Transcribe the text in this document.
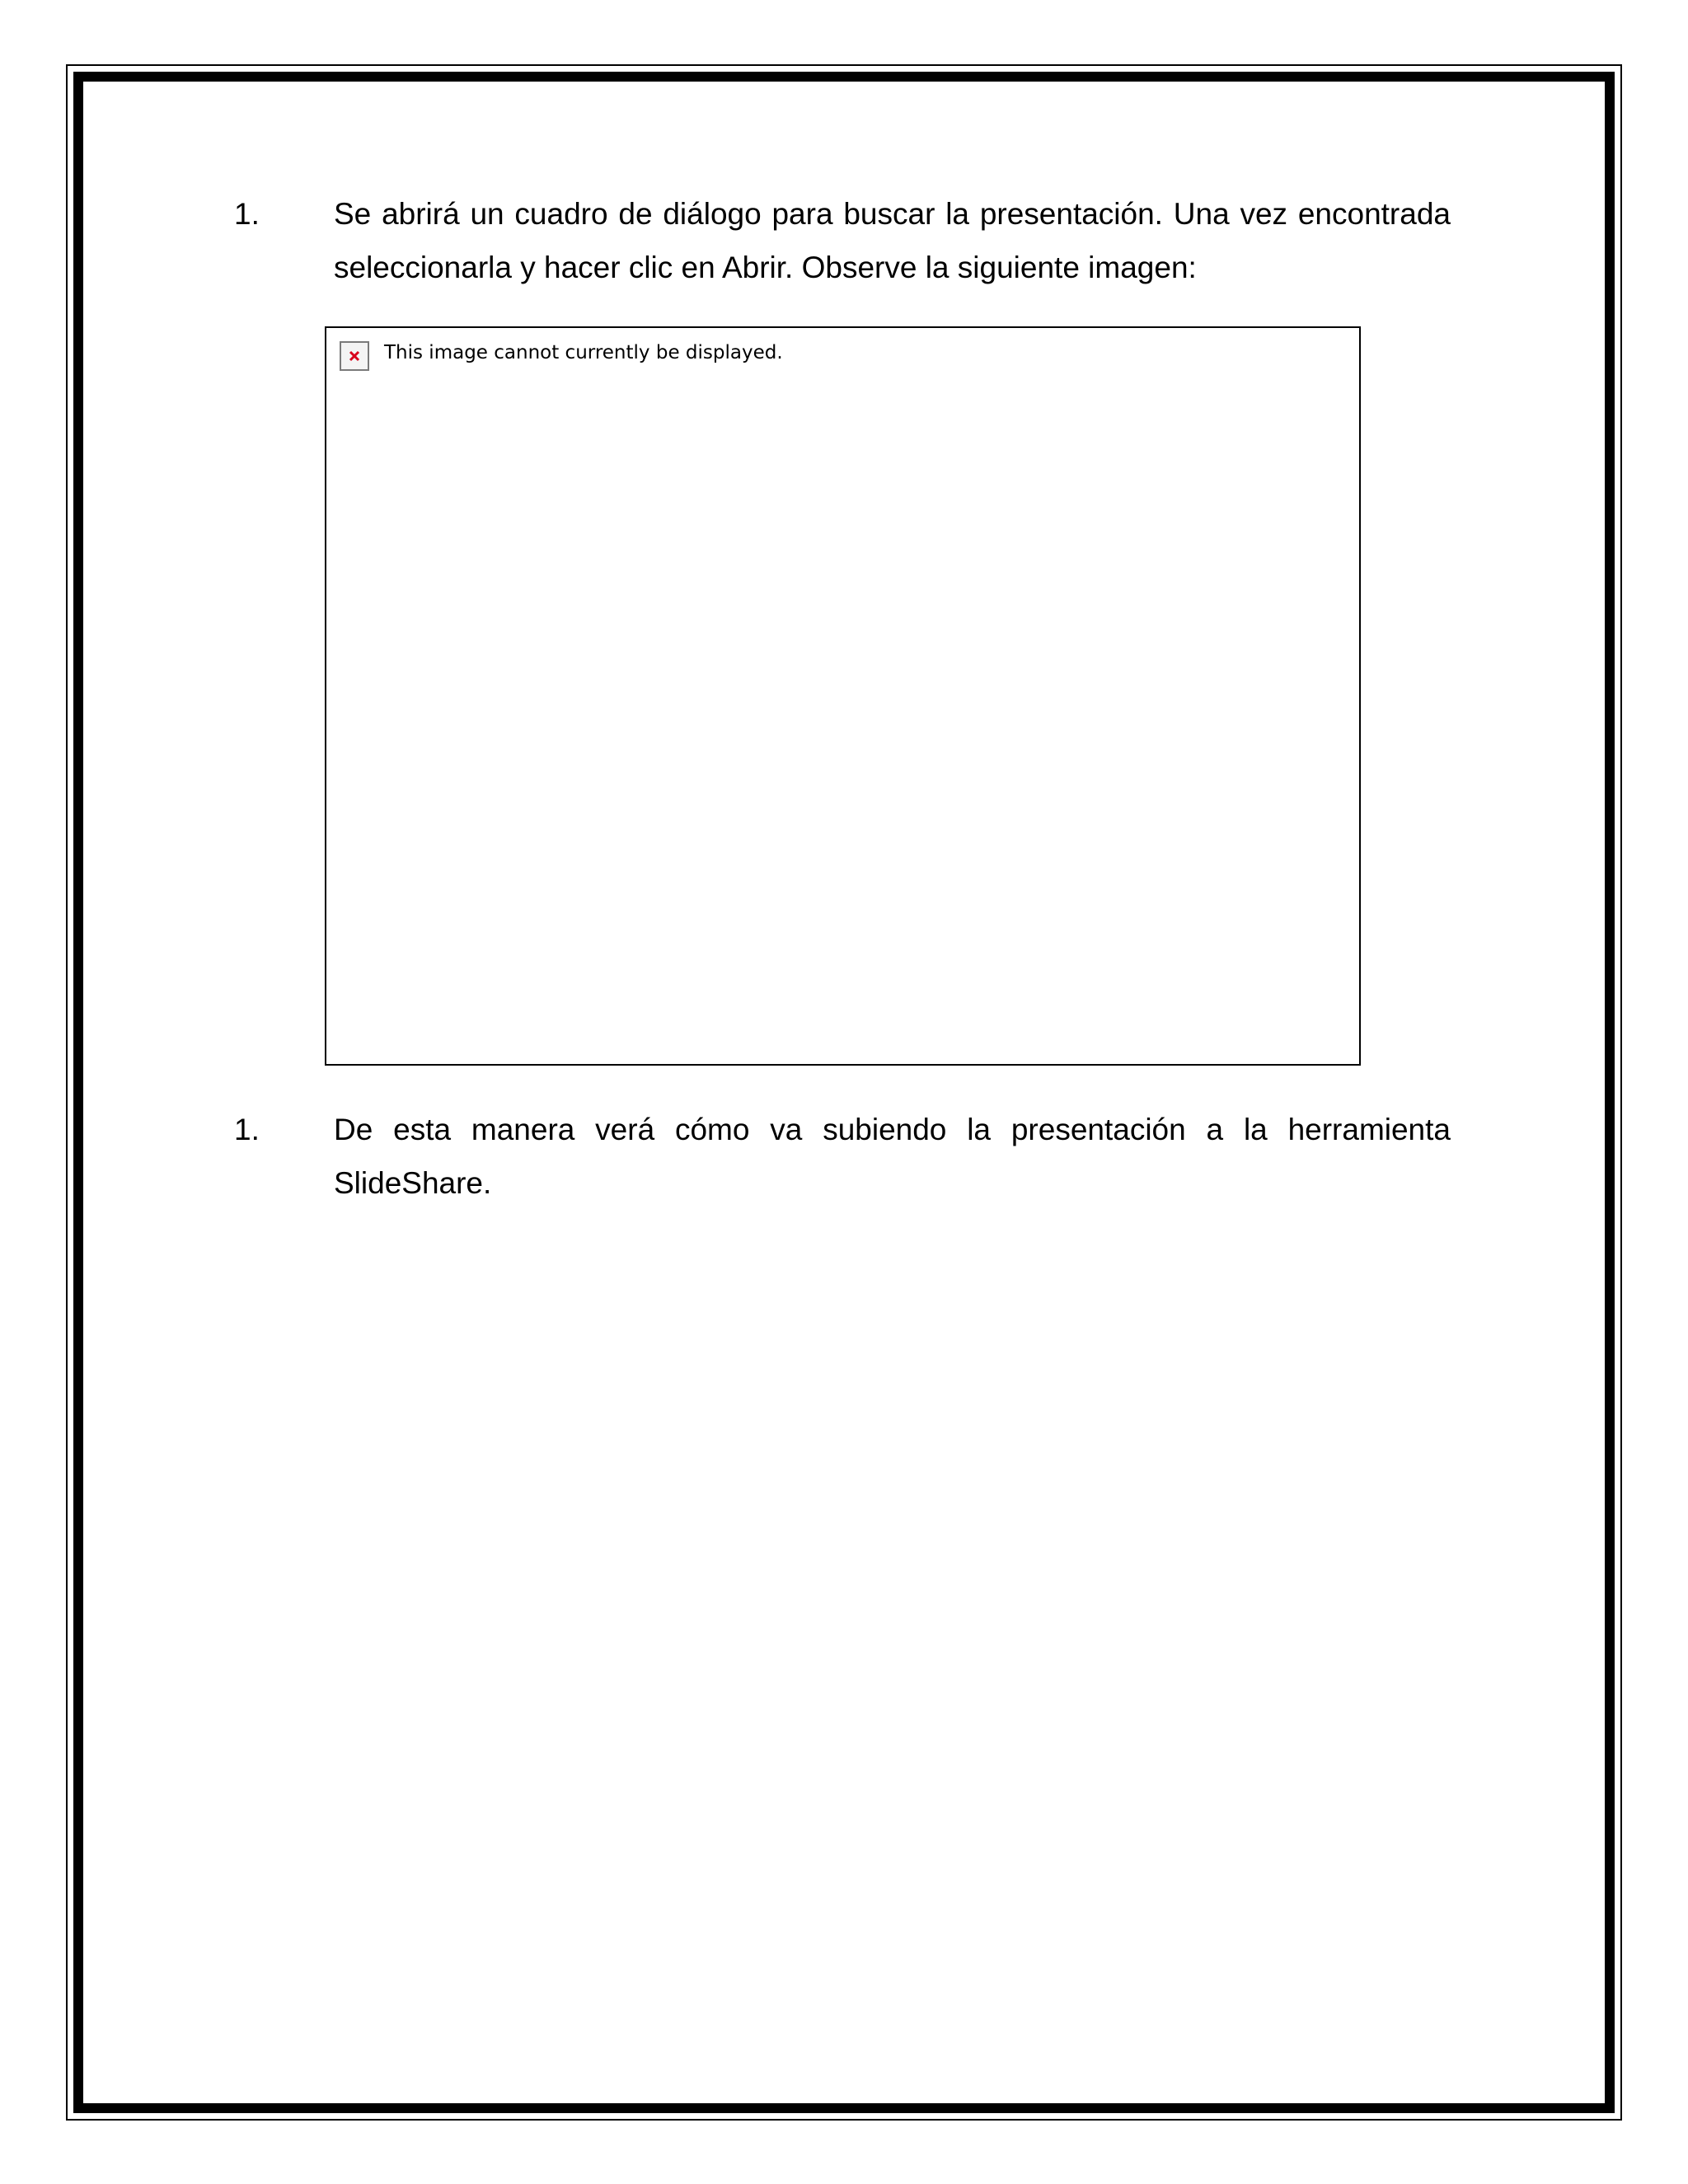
1. Se abrirá un cuadro de diálogo para buscar la presentación. Una vez encontrada seleccionarla y hacer clic en Abrir. Observe la siguiente imagen:

This image cannot currently be displayed.
1. De esta manera verá cómo va subiendo la presentación a la herramienta SlideShare.
